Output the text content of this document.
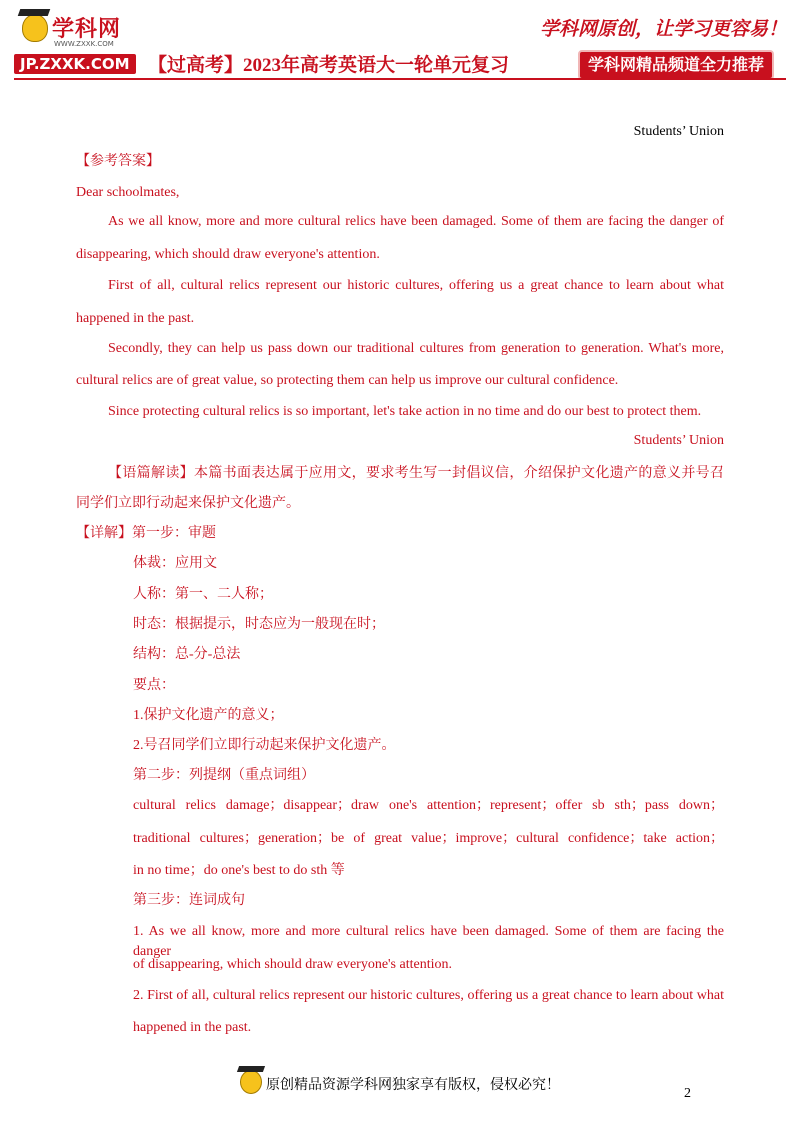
学科网
WWW.ZXXK.COM
JP.ZXXK.COM 【过高考】2023年高考英语大一轮单元复习
学科网原创，让学习更容易！
学科网精品频道全力推荐
Students’ Union
【参考答案】
Dear schoolmates,
As we all know, more and more cultural relics have been damaged. Some of them are facing the danger of
disappearing, which should draw everyone's attention.
First of all, cultural relics represent our historic cultures, offering us a great chance to learn about what
happened in the past.
Secondly, they can help us pass down our traditional cultures from generation to generation. What's more,
cultural relics are of great value, so protecting them can help us improve our cultural confidence.
Since protecting cultural relics is so important, let's take action in no time and do our best to protect them.
Students’ Union
【语篇解读】本篇书面表达属于应用文，要求考生写一封倡议信，介绍保护文化遗产的意义并号召
同学们立即行动起来保护文化遗产。
【详解】第一步：审题
体裁：应用文
人称：第一、二人称；
时态：根据提示，时态应为一般现在时；
结构：总-分-总法
要点：
1.保护文化遗产的意义；
2.号召同学们立即行动起来保护文化遗产。
第二步：列提纲（重点词组）
cultural relics damage；disappear；draw one's attention；represent；offer sb sth；pass down；
traditional cultures；generation；be of great value；improve；cultural confidence；take action；
in no time；do one's best to do sth 等
第三步：连词成句
1. As we all know, more and more cultural relics have been damaged. Some of them are facing the danger
of disappearing, which should draw everyone's attention.
2. First of all, cultural relics represent our historic cultures, offering us a great chance to learn about what
happened in the past.
原创精品资源学科网独家享有版权，侵权必究！
2
